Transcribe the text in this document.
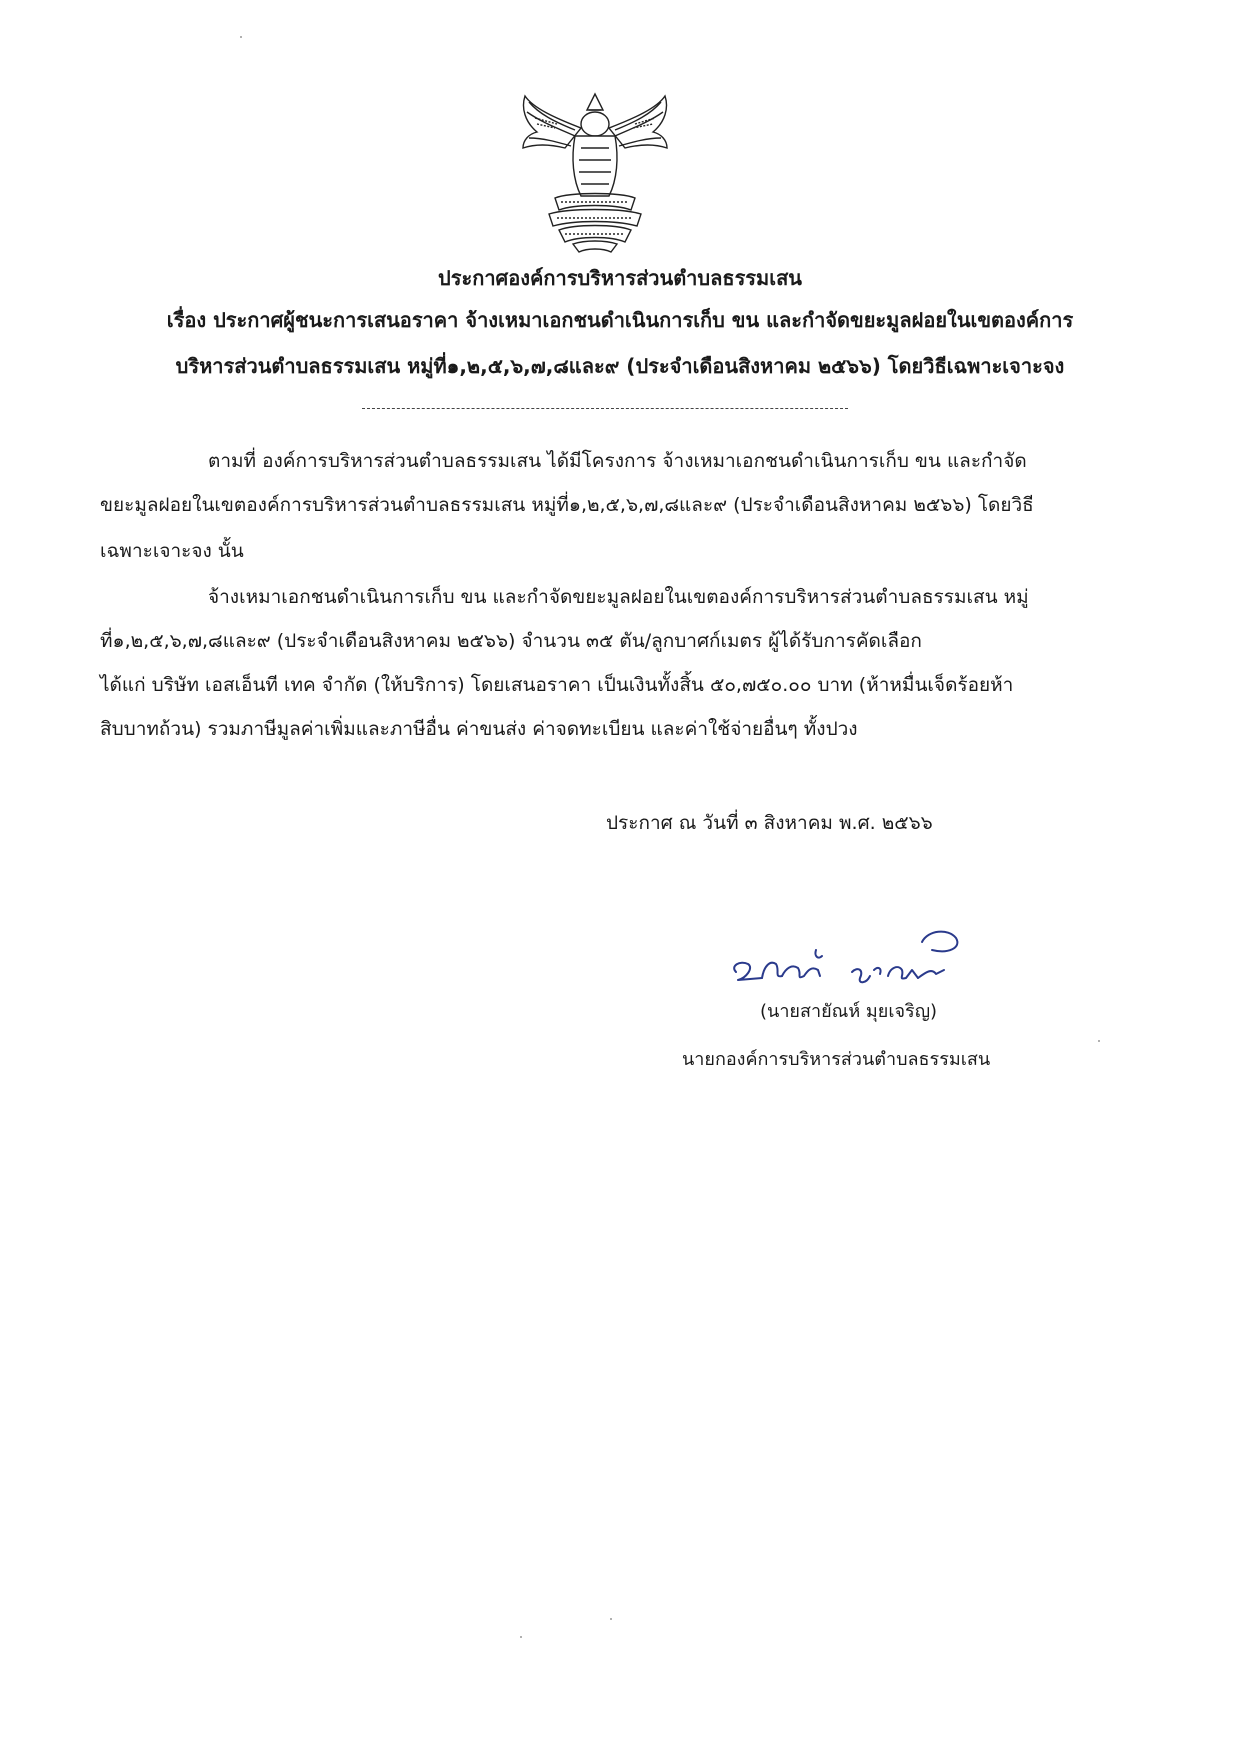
ประกาศองค์การบริหารส่วนตำบลธรรมเสน
เรื่อง ประกาศผู้ชนะการเสนอราคา จ้างเหมาเอกชนดำเนินการเก็บ ขน และกำจัดขยะมูลฝอยในเขตองค์การ
บริหารส่วนตำบลธรรมเสน หมู่ที่๑,๒,๕,๖,๗,๘และ๙ (ประจำเดือนสิงหาคม ๒๕๖๖) โดยวิธีเฉพาะเจาะจง
ตามที่ องค์การบริหารส่วนตำบลธรรมเสน ได้มีโครงการ จ้างเหมาเอกชนดำเนินการเก็บ ขน และกำจัด
ขยะมูลฝอยในเขตองค์การบริหารส่วนตำบลธรรมเสน หมู่ที่๑,๒,๕,๖,๗,๘และ๙ (ประจำเดือนสิงหาคม ๒๕๖๖) โดยวิธี
เฉพาะเจาะจง นั้น
จ้างเหมาเอกชนดำเนินการเก็บ ขน และกำจัดขยะมูลฝอยในเขตองค์การบริหารส่วนตำบลธรรมเสน หมู่
ที่๑,๒,๕,๖,๗,๘และ๙ (ประจำเดือนสิงหาคม ๒๕๖๖) จำนวน ๓๕ ตัน/ลูกบาศก์เมตร ผู้ได้รับการคัดเลือก
ได้แก่ บริษัท เอสเอ็นที เทค จำกัด (ให้บริการ) โดยเสนอราคา เป็นเงินทั้งสิ้น ๕๐,๗๕๐.๐๐ บาท (ห้าหมื่นเจ็ดร้อยห้า
สิบบาทถ้วน) รวมภาษีมูลค่าเพิ่มและภาษีอื่น ค่าขนส่ง ค่าจดทะเบียน และค่าใช้จ่ายอื่นๆ ทั้งปวง
ประกาศ ณ วันที่ ๓ สิงหาคม พ.ศ. ๒๕๖๖
(นายสายัณห์ มุยเจริญ)
นายกองค์การบริหารส่วนตำบลธรรมเสน
